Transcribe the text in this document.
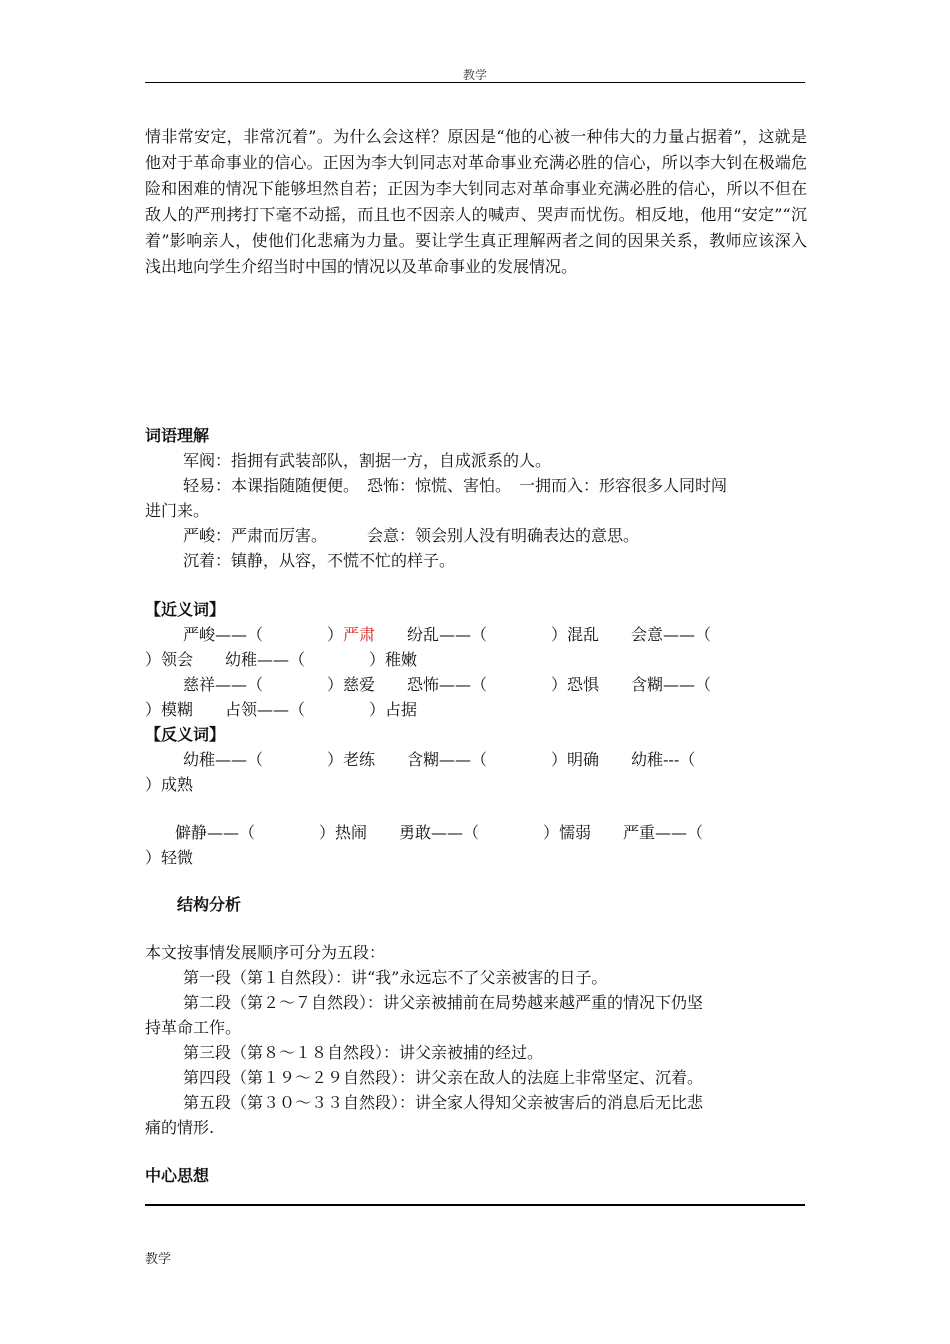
教学

情非常安定，非常沉着”。为什么会这样？原因是“他的心被一种伟大的力量占据着”，这就是他对于革命事业的信心。正因为李大钊同志对革命事业充满必胜的信心，所以李大钊在极端危险和困难的情况下能够坦然自若；正因为李大钊同志对革命事业充满必胜的信心，所以不但在敌人的严刑拷打下毫不动摇，而且也不因亲人的喊声、哭声而忧伤。相反地，他用“安定”“沉着”影响亲人，使他们化悲痛为力量。要让学生真正理解两者之间的因果关系，教师应该深入浅出地向学生介绍当时中国的情况以及革命事业的发展情况。

词语理解
军阀：指拥有武装部队，割据一方，自成派系的人。
轻易：本课指随随便便。　恐怖：惊慌、害怕。　一拥而入：形容很多人同时闯
进门来。
严峻：严肃而厉害。　　　会意：领会别人没有明确表达的意思。
沉着：镇静，从容，不慌不忙的样子。
【近义词】
严峻——（　　　　）严肃　　纷乱——（　　　　）混乱　　会意——（
）领会　　幼稚——（　　　　）稚嫩
慈祥——（　　　　）慈爱　　恐怖——（　　　　）恐惧　　含糊——（
）模糊　　占领——（　　　　）占据
【反义词】
幼稚——（　　　　）老练　　含糊——（　　　　）明确　　幼稚---（
）成熟
僻静——（　　　　）热闹　　勇敢——（　　　　）懦弱　　严重——（
）轻微
结构分析
本文按事情发展顺序可分为五段：
第一段（第１自然段）：讲“我”永远忘不了父亲被害的日子。
第二段（第２～７自然段）：讲父亲被捕前在局势越来越严重的情况下仍坚
持革命工作。
第三段（第８～１８自然段）：讲父亲被捕的经过。
第四段（第１９～２９自然段）：讲父亲在敌人的法庭上非常坚定、沉着。
第五段（第３０～３３自然段）：讲全家人得知父亲被害后的消息后无比悲
痛的情形.
中心思想
教学
